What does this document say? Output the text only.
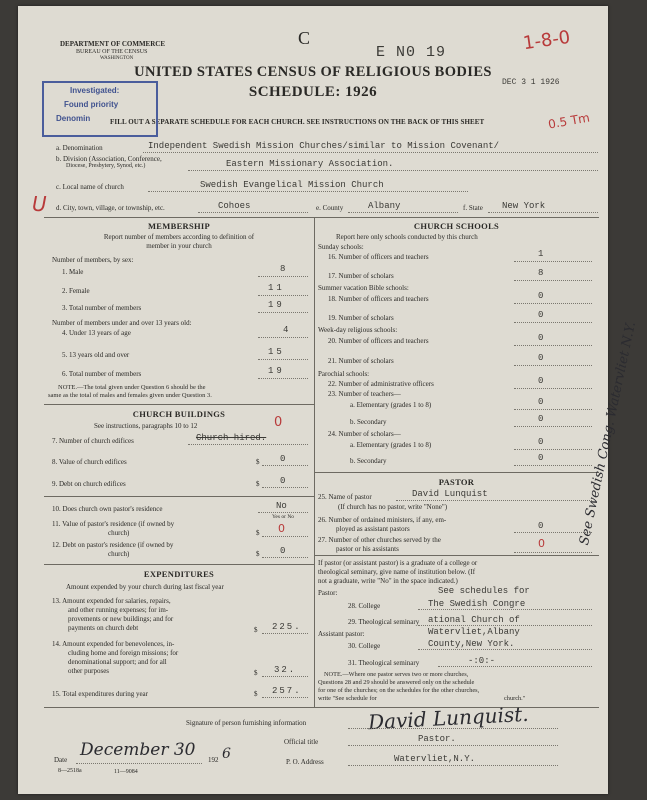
DEPARTMENT OF COMMERCE
BUREAU OF THE CENSUS
WASHINGTON
C
E N0 19	1-8-0
UNITED STATES CENSUS OF RELIGIOUS BODIES
DEC 3 1 1926
SCHEDULE: 1926
FILL OUT A SEPARATE SCHEDULE FOR EACH CHURCH. SEE INSTRUCTIONS ON THE BACK OF THIS SHEET	0.5 Tm
Investigated:
Found priority
Denomin
a. Denomination	Independent Swedish Mission Churches/similar to Mission Covenant/
b. Division (Association, Conference,
Diocese, Presbytery, Synod, etc.)	Eastern Missionary Association.
c. Local name of church	Swedish Evangelical Mission Church
U d. City, town, village, or township, etc.	Cohoes	e. County	Albany	f. State New York
MEMBERSHIP
Report number of members according to definition of
member in your church
Number of members, by sex:
1. Male	8
2. Female	11
3. Total number of members	19
Number of members under and over 13 years old:
4. Under 13 years of age	4
5. 13 years old and over	15
6. Total number of members	19
NOTE.—The total given under Question 6 should be the
same as the total of males and females given under Question 3.
CHURCH BUILDINGS
See instructions, paragraphs 10 to 12	0
7. Number of church edifices	Church hired.
8. Value of church edifices	$ 0
9. Debt on church edifices	$ 0
10. Does church own pastor's residence	No
Yes or No
11. Value of pastor's residence (if owned by
church)	$ 0
12. Debt on pastor's residence (if owned by
church)	$ 0
EXPENDITURES
Amount expended by your church during last fiscal year
13. Amount expended for salaries, repairs,
and other running expenses; for im-
provements or new buildings; and for
payments on church debt	$ 225.
14. Amount expended for benevolences, in-
cluding home and foreign missions; for
denominational support; and for all
other purposes	$ 32.
15. Total expenditures during year	$ 257.
CHURCH SCHOOLS
Report here only schools conducted by this church
Sunday schools:
16. Number of officers and teachers	1
17. Number of scholars	8
Summer vacation Bible schools:
18. Number of officers and teachers	0
19. Number of scholars	0
Week-day religious schools:
20. Number of officers and teachers	0
21. Number of scholars	0
Parochial schools:
22. Number of administrative officers	0
23. Number of teachers—
a. Elementary (grades 1 to 8)	0
b. Secondary	0
24. Number of scholars—
a. Elementary (grades 1 to 8)	0
b. Secondary	0
PASTOR
25. Name of pastor	David Lunquist
(If church has no pastor, write "None")
26. Number of ordained ministers, if any, em-
ployed as assistant pastors	0
27. Number of other churches served by the
pastor or his assistants	0
If pastor (or assistant pastor) is a graduate of a college or
theological seminary, give name of institution below. (If
not a graduate, write "No" in the space indicated.)
Pastor:	See schedules for
28. College	The Swedish Congre
29. Theological seminary ational Church of
Assistant pastor:	Watervliet,Albany
30. College	County,New York.
31. Theological seminary	-:0:-
NOTE.—Where one pastor serves two or more churches,
Questions 28 and 29 should be answered only on the schedule
for one of the churches; on the schedules for the other churches,
write "See schedule for	church."
Signature of person furnishing information	David Lunquist.
Official title	Pastor.
Date December 30 192 6	P. O. Address	Watervliet,N.Y.
8—2518a	11—9084
See Swedish Cong. Watervliet N.Y.
